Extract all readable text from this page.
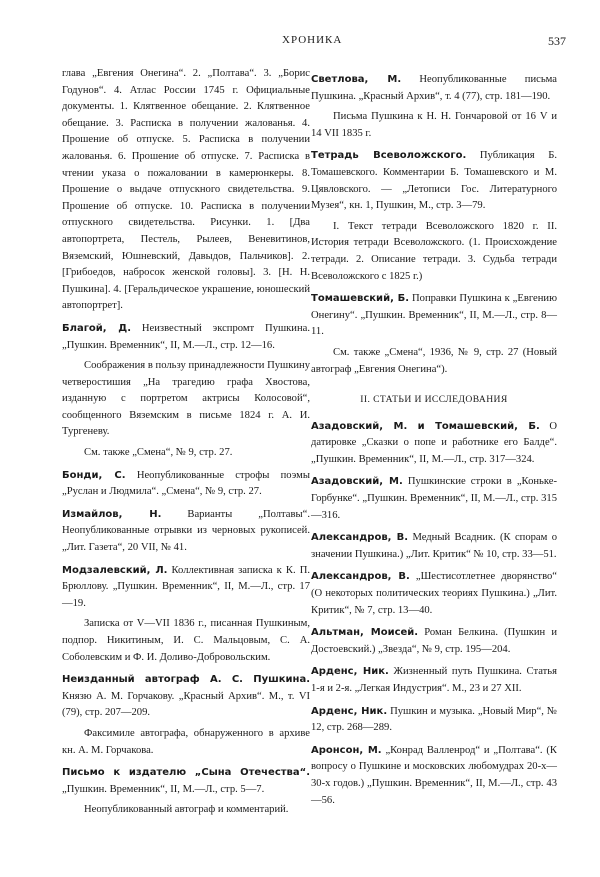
ХРОНИКА	537

глава „Евгения Онегина“. 2. „Полтава“. 3. „Борис Годунов“. 4. Атлас России 1745 г. Официальные документы. 1. Клятвенное обещание. 2. Клятвенное обещание. 3. Расписка в получении жалованья. 4. Прошение об отпуске. 5. Расписка в получении жалованья. 6. Прошение об отпуске. 7. Расписка в чтении указа о пожаловании в камерюнкеры. 8. Прошение о выдаче отпускного свидетельства. 9. Прошение об отпуске. 10. Расписка в получении отпускного свидетельства. Рисунки. 1. [Два автопортрета, Пестель, Рылеев, Веневитинов, Вяземский, Юшневский, Давыдов, Пальчиков]. 2. [Грибоедов, набросок женской головы]. 3. [Н. Н. Пушкина]. 4. [Геральдическое украшение, юношеский автопортрет].

Благой, Д. Неизвестный экспромт Пушкина. „Пушкин. Временник“, II, М.—Л., стр. 12—16.

Соображения в пользу принадлежности Пушкину четверостишия „На трагедию графа Хвостова, изданную с портретом актрисы Колосовой“, сообщенного Вяземским в письме 1824 г. А. И. Тургеневу.

См. также „Смена“, № 9, стр. 27.

Бонди, С. Неопубликованные строфы поэмы „Руслан и Людмила“. „Смена“, № 9, стр. 27.

Измайлов, Н. Варианты „Полтавы“. Неопубликованные отрывки из черновых рукописей. „Лит. Газета“, 20 VII, № 41.

Модзалевский, Л. Коллективная записка к К. П. Брюллову. „Пушкин. Временник“, II, М.—Л., стр. 17—19.

Записка от V—VII 1836 г., писанная Пушкиным, подпор. Никитиным, И. С. Мальцовым, С. А. Соболевским и Ф. И. Доливо-Добровольским.

Неизданный автограф А. С. Пушкина. Князю А. М. Горчакову. „Красный Архив“. М., т. VI (79), стр. 207—209.

Факсимиле автографа, обнаруженного в архиве кн. А. М. Горчакова.

Письмо к издателю „Сына Отечества“. „Пушкин. Временник“, II, М.—Л., стр. 5—7.

Неопубликованный автограф и комментарий.

Светлова, М. Неопубликованные письма Пушкина. „Красный Архив“, т. 4 (77), стр. 181—190.

Письма Пушкина к Н. Н. Гончаровой от 16 V и 14 VII 1835 г.

Тетрадь Всеволожского. Публикация Б. Томашевского. Комментарии Б. Томашевского и М. Цявловского. — „Летописи Гос. Литературного Музея“, кн. 1, Пушкин, М., стр. 3—79.

I. Текст тетради Всеволожского 1820 г. II. История тетради Всеволожского. (1. Происхождение тетради. 2. Описание тетради. 3. Судьба тетради Всеволожского с 1825 г.)

Томашевский, Б. Поправки Пушкина к „Евгению Онегину“. „Пушкин. Временник“, II, М.—Л., стр. 8—11.

См. также „Смена“, 1936, № 9, стр. 27 (Новый автограф „Евгения Онегина“).

II. СТАТЬИ И ИССЛЕДОВАНИЯ

Азадовский, М. и Томашевский, Б. О датировке „Сказки о попе и работнике его Балде“. „Пушкин. Временник“, II, М.—Л., стр. 317—324.

Азадовский, М. Пушкинские строки в „Коньке-Горбунке“. „Пушкин. Временник“, II, М.—Л., стр. 315—316.

Александров, В. Медный Всадник. (К спорам о значении Пушкина.) „Лит. Критик“ № 10, стр. 33—51.

Александров, В. „Шестисотлетнее дворянство“ (О некоторых политических теориях Пушкина.) „Лит. Критик“, № 7, стр. 13—40.

Альтман, Моисей. Роман Белкина. (Пушкин и Достоевский.) „Звезда“, № 9, стр. 195—204.

Арденс, Ник. Жизненный путь Пушкина. Статья 1-я и 2-я. „Легкая Индустрия“. М., 23 и 27 XII.

Арденс, Ник. Пушкин и музыка. „Новый Мир“, № 12, стр. 268—289.

Аронсон, М. „Конрад Валленрод“ и „Полтава“. (К вопросу о Пушкине и московских любомудрах 20-х—30-х годов.) „Пушкин. Временник“, II, М.—Л., стр. 43—56.
